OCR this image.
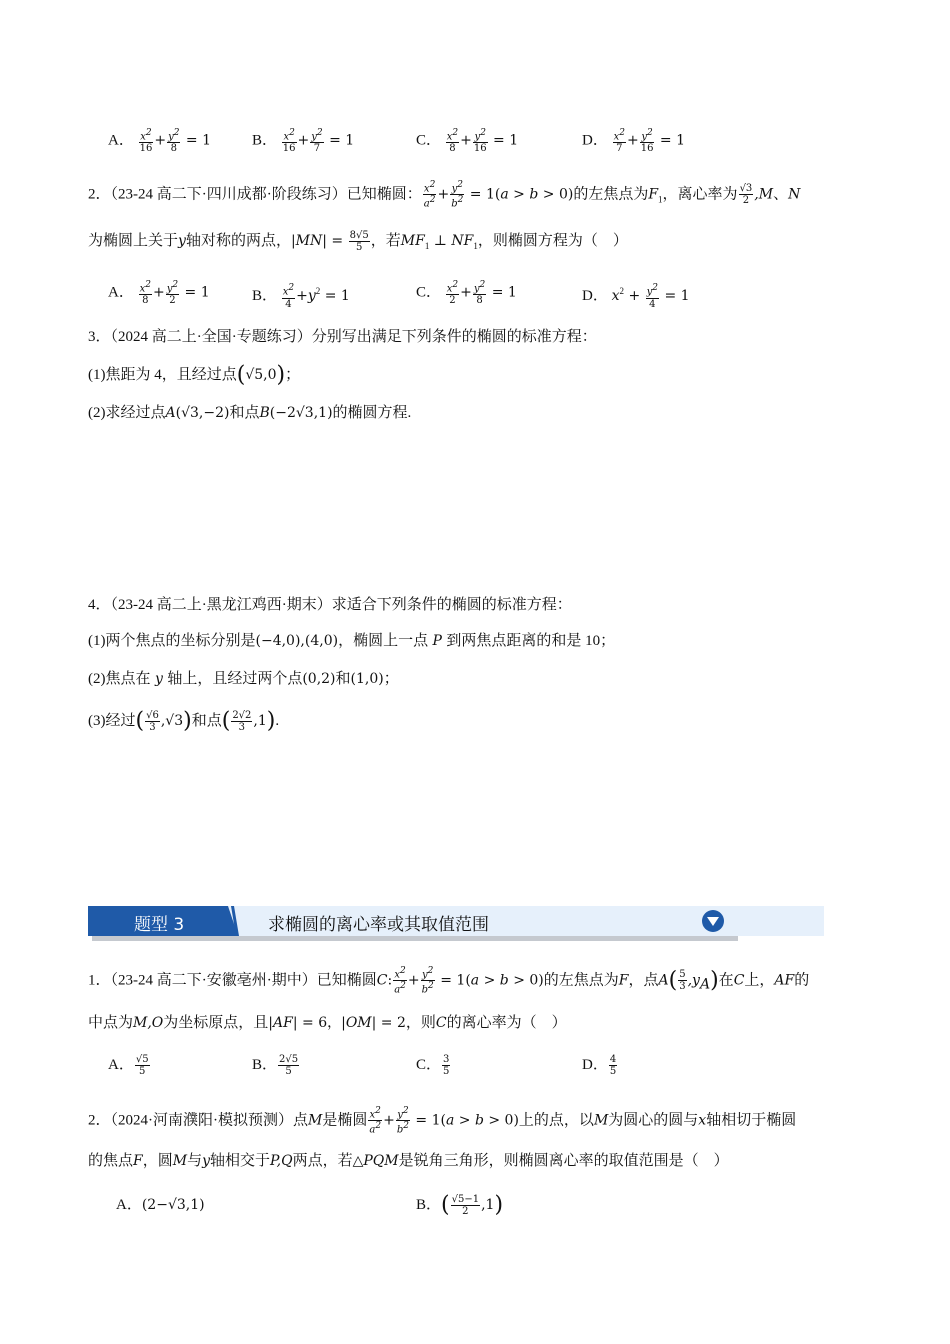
A． $\frac{x^2}{16} + \frac{y^2}{8} = 1$	B． $\frac{x^2}{16} + \frac{y^2}{7} = 1$	C． $\frac{x^2}{8} + \frac{y^2}{16} = 1$	D． $\frac{x^2}{7} + \frac{y^2}{16} = 1$
2．（23-24 高二下·四川成都·阶段练习）已知椭圆： $\frac{x^2}{a^2} + \frac{y^2}{b^2} = 1(a > b > 0)$的左焦点为$F_1$，离心率为 $\frac{√3}{2} ,M$、N
为椭圆上关于y轴对称的两点，$|MN| = \frac{8√5}{5}$ ，若$MF_1$ ⊥ $NF_1$，则椭圆方程为（　）
A． $\frac{x^2}{8} + \frac{y^2}{2} = 1$	B． $\frac{x^2}{4} +y^2 = 1$	C． $\frac{x^2}{2} + \frac{y^2}{8} = 1$	D． $x^2 + \frac{y^2}{4} = 1$
3．（2024 高二上·全国·专题练习）分别写出满足下列条件的椭圆的标准方程：
(1)焦距为 4，且经过点(√5,0)；
(2)求经过点A(√3,−2)和点B(−2√3,1)的椭圆方程.
4．（23-24 高二上·黑龙江鸡西·期末）求适合下列条件的椭圆的标准方程：
(1)两个焦点的坐标分别是(−4,0),(4,0)，椭圆上一点 P 到两焦点距离的和是 10；
(2)焦点在 y 轴上，且经过两个点(0,2)和(1,0)；
(3)经过( $\frac{√6}{3} ,√3$)和点( $\frac{2√2}{3} ,1$).
题型 3	求椭圆的离心率或其取值范围
1．（23-24 高二下·安徽亳州·期中）已知椭圆C: $\frac{x^2}{a^2} + \frac{y^2}{b^2} = 1(a > b > 0)$的左焦点为F，点$A( \frac{5}{3} ,y_A)$在C上，AF的
中点为M,O为坐标原点，且|AF| = 6，|OM| = 2，则C的离心率为（　）
A． $\frac{√5}{5}$	B． $\frac{2√5}{5}$	C． $\frac{3}{5}$	D． $\frac{4}{5}$
2．（2024·河南濮阳·模拟预测）点M是椭圆 $\frac{x^2}{a^2} + \frac{y^2}{b^2} = 1(a > b > 0)$上的点，以M为圆心的圆与x轴相切于椭圆
的焦点F，圆M与y轴相交于P,Q两点，若△PQM是锐角三角形，则椭圆离心率的取值范围是（　）
A．(2−√3,1)	B．( $\frac{√5-1}{2} ,1$)
